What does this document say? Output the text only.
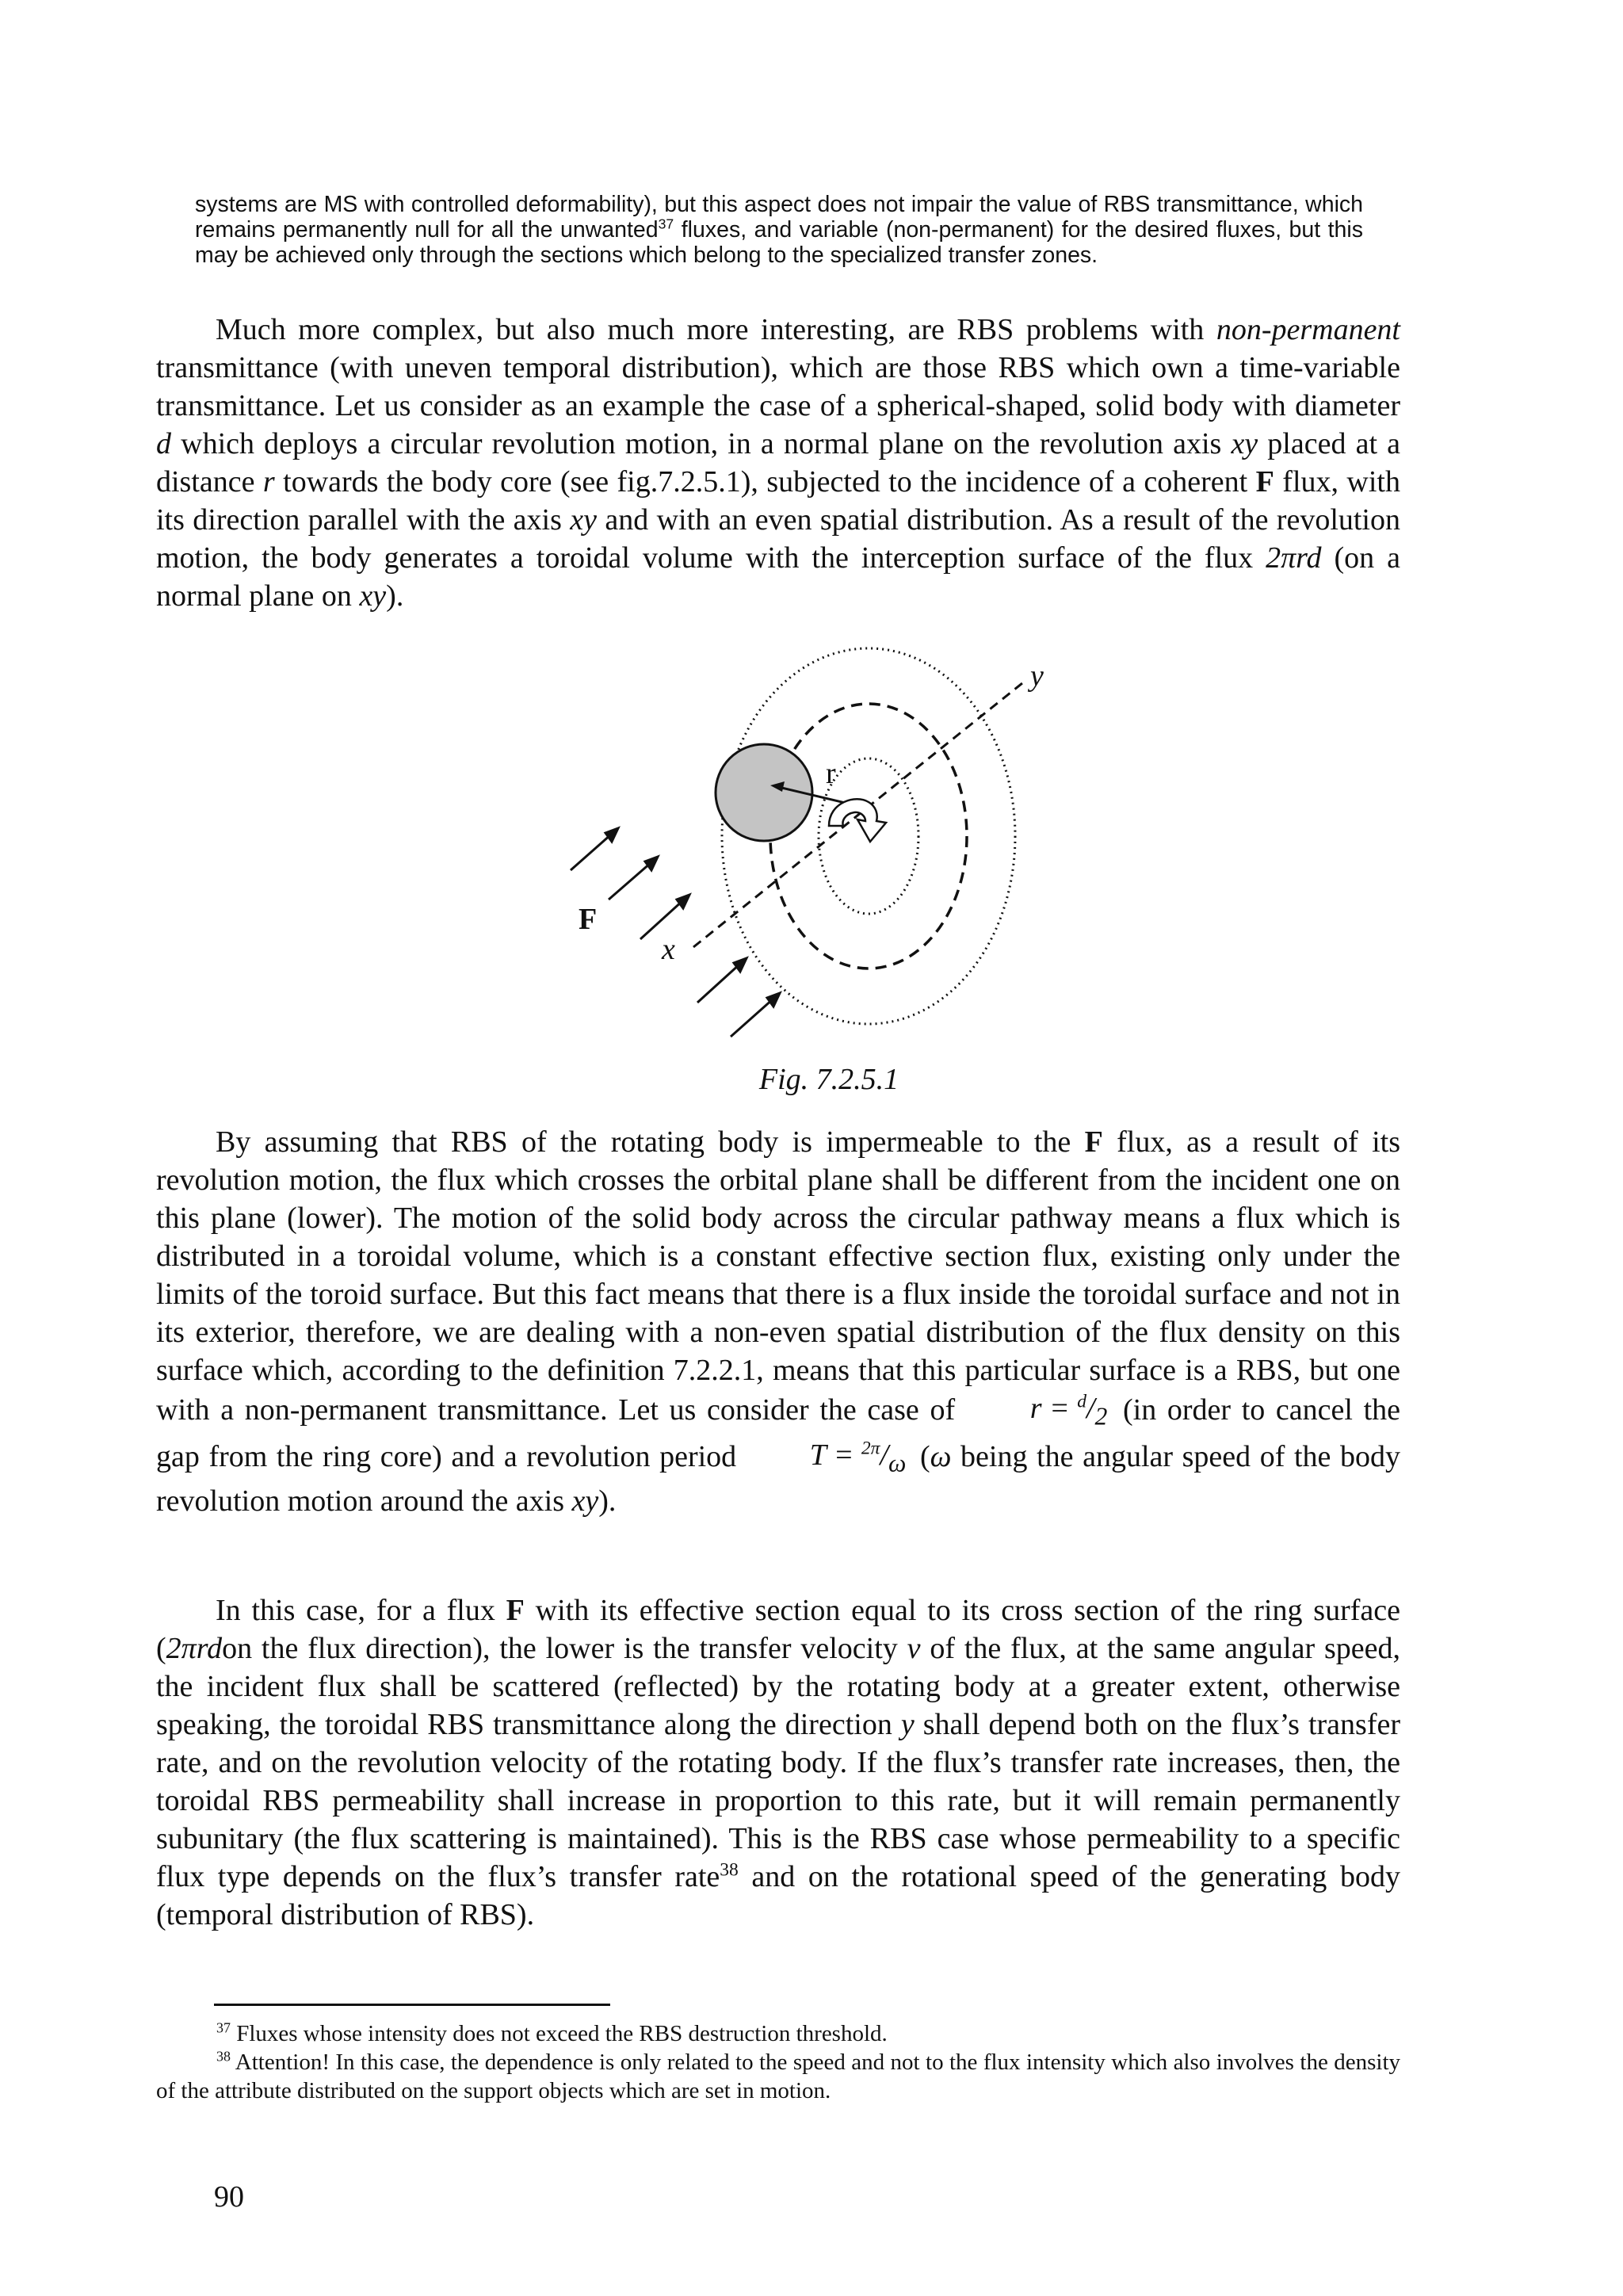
systems are MS with controlled deformability), but this aspect does not impair the value of RBS transmittance, which remains permanently null for all the unwanted$^{37}$ fluxes, and variable (non-permanent) for the desired fluxes, but this may be achieved only through the sections which belong to the specialized transfer zones.

Much more complex, but also much more interesting, are RBS problems with non-permanent transmittance (with uneven temporal distribution), which are those RBS which own a time-variable transmittance. Let us consider as an example the case of a spherical-shaped, solid body with diameter d which deploys a circular revolution motion, in a normal plane on the revolution axis xy placed at a distance r towards the body core (see fig.7.2.5.1), subjected to the incidence of a coherent F flux, with its direction parallel with the axis xy and with an even spatial distribution. As a result of the revolution motion, the body generates a toroidal volume with the interception surface of the flux 2πrd (on a normal plane on xy).

y
r
F
x
Fig. 7.2.5.1

By assuming that RBS of the rotating body is impermeable to the F flux, as a result of its revolution motion, the flux which crosses the orbital plane shall be different from the incident one on this plane (lower). The motion of the solid body across the circular pathway means a flux which is distributed in a toroidal volume, which is a constant effective section flux, existing only under the limits of the toroid surface. But this fact means that there is a flux inside the toroidal surface and not in its exterior, therefore, we are dealing with a non-even spatial distribution of the flux density on this surface which, according to the definition 7.2.2.1, means that this particular surface is a RBS, but one with a non-permanent transmittance. Let us consider the case of $r = ^d/_2$ (in order to cancel the gap from the ring core) and a revolution period $T = ^{2\pi}/_\omega$ (ω being the angular speed of the body revolution motion around the axis xy).

In this case, for a flux F with its effective section equal to its cross section of the ring surface (2πrdon the flux direction), the lower is the transfer velocity v of the flux, at the same angular speed, the incident flux shall be scattered (reflected) by the rotating body at a greater extent, otherwise speaking, the toroidal RBS transmittance along the direction y shall depend both on the flux’s transfer rate, and on the revolution velocity of the rotating body. If the flux’s transfer rate increases, then, the toroidal RBS permeability shall increase in proportion to this rate, but it will remain permanently subunitary (the flux scattering is maintained). This is the RBS case whose permeability to a specific flux type depends on the flux’s transfer rate$^{38}$ and on the rotational speed of the generating body (temporal distribution of RBS).

$^{37}$ Fluxes whose intensity does not exceed the RBS destruction threshold.

$^{38}$ Attention! In this case, the dependence is only related to the speed and not to the flux intensity which also involves the density of the attribute distributed on the support objects which are set in motion.

90
